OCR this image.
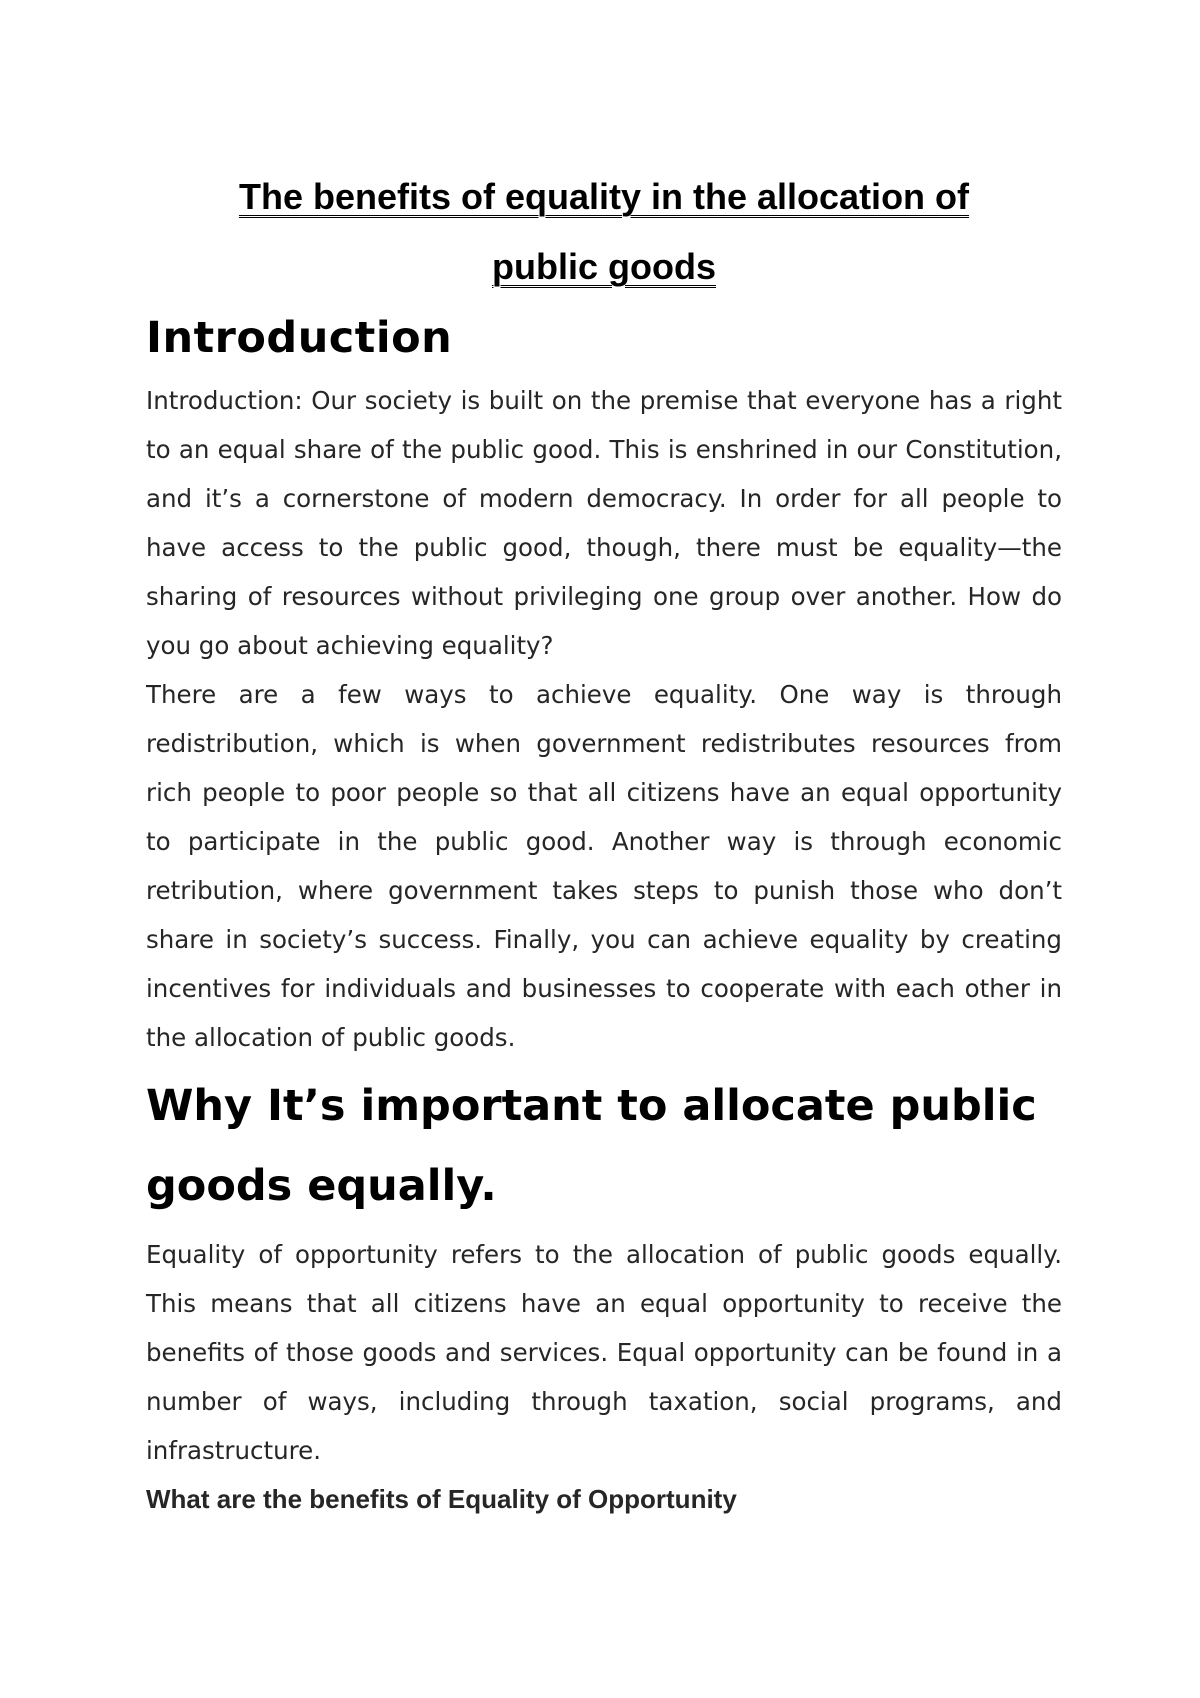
The benefits of equality in the allocation of
public goods
Introduction

Introduction: Our society is built on the premise that everyone has a right to an equal share of the public good. This is enshrined in our Constitution, and it’s a cornerstone of modern democracy. In order for all people to have access to the public good, though, there must be equality—the sharing of resources without privileging one group over another. How do you go about achieving equality?

There are a few ways to achieve equality. One way is through redistribution, which is when government redistributes resources from rich people to poor people so that all citizens have an equal opportunity to participate in the public good. Another way is through economic retribution, where government takes steps to punish those who don’t share in society’s success. Finally, you can achieve equality by creating incentives for individuals and businesses to cooperate with each other in the allocation of public goods.

Why It’s important to allocate public goods equally.

Equality of opportunity refers to the allocation of public goods equally. This means that all citizens have an equal opportunity to receive the benefits of those goods and services. Equal opportunity can be found in a number of ways, including through taxation, social programs, and infrastructure.

What are the benefits of Equality of Opportunity
